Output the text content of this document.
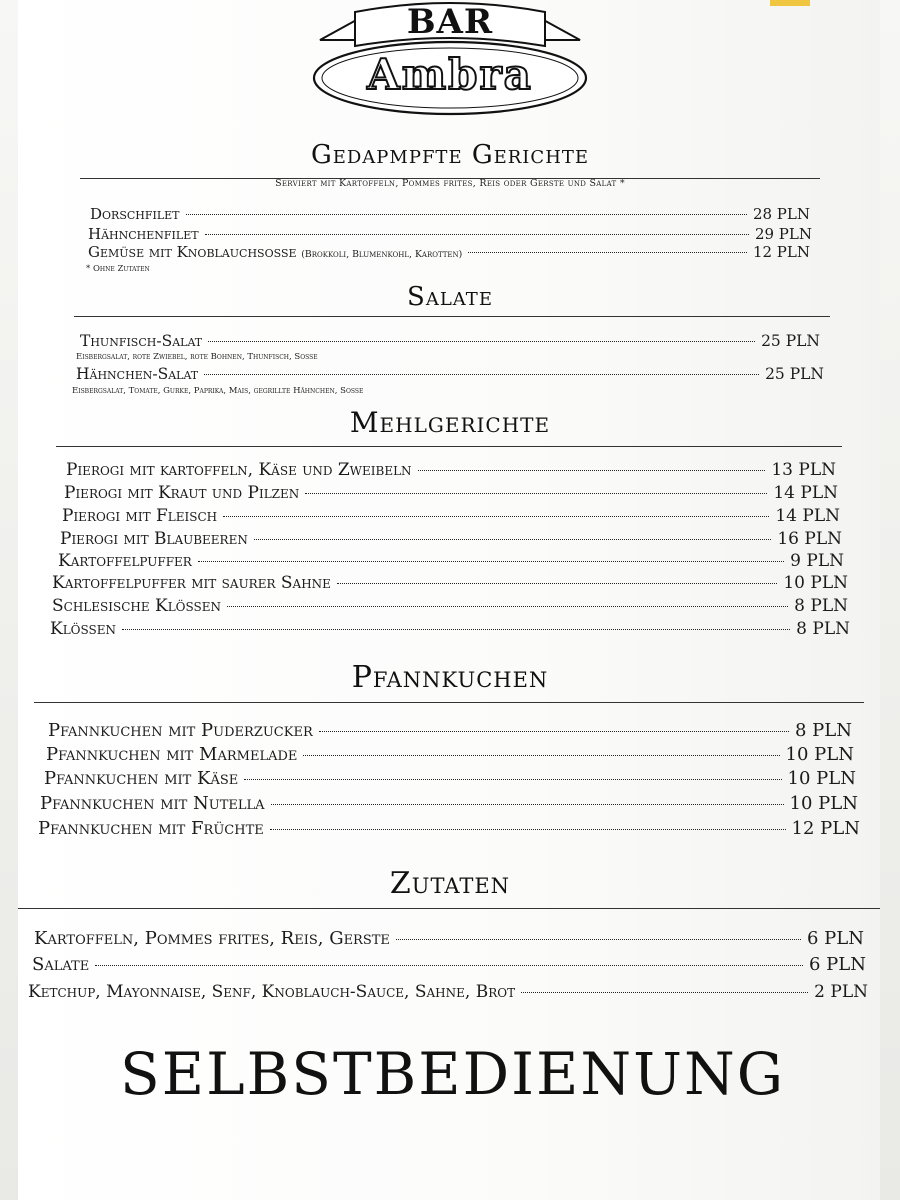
BAR
Ambra
Gedapmpfte Gerichte
Serviert mit Kartoffeln, Pommes frites, Reis oder Gerste und Salat *
Dorschfilet	28 PLN
Hähnchenfilet	29 PLN
Gemüse mit Knoblauchsosse (Brokkoli, Blumenkohl, Karotten)	12 PLN
* Ohne Zutaten
Salate
Thunfisch-Salat	25 PLN
Eisbergsalat, rote Zwiebel, rote Bohnen, Thunfisch, Sosse
Hähnchen-Salat	25 PLN
Eisbergsalat, Tomate, Gurke, Paprika, Mais, gegrillte Hähnchen, Sosse
Mehlgerichte
Pierogi mit kartoffeln, Käse und Zweibeln	13 PLN
Pierogi mit Kraut und Pilzen	14 PLN
Pierogi mit Fleisch	14 PLN
Pierogi mit Blaubeeren	16 PLN
Kartoffelpuffer	9 PLN
Kartoffelpuffer mit saurer Sahne	10 PLN
Schlesische Klössen	8 PLN
Klössen	8 PLN
Pfannkuchen
Pfannkuchen mit Puderzucker	8 PLN
Pfannkuchen mit Marmelade	10 PLN
Pfannkuchen mit Käse	10 PLN
Pfannkuchen mit Nutella	10 PLN
Pfannkuchen mit Früchte	12 PLN
Zutaten
Kartoffeln, Pommes frites, Reis, Gerste	6 PLN
Salate	6 PLN
Ketchup, Mayonnaise, Senf, Knoblauch-Sauce, Sahne, Brot	2 PLN
SELBSTBEDIENUNG
